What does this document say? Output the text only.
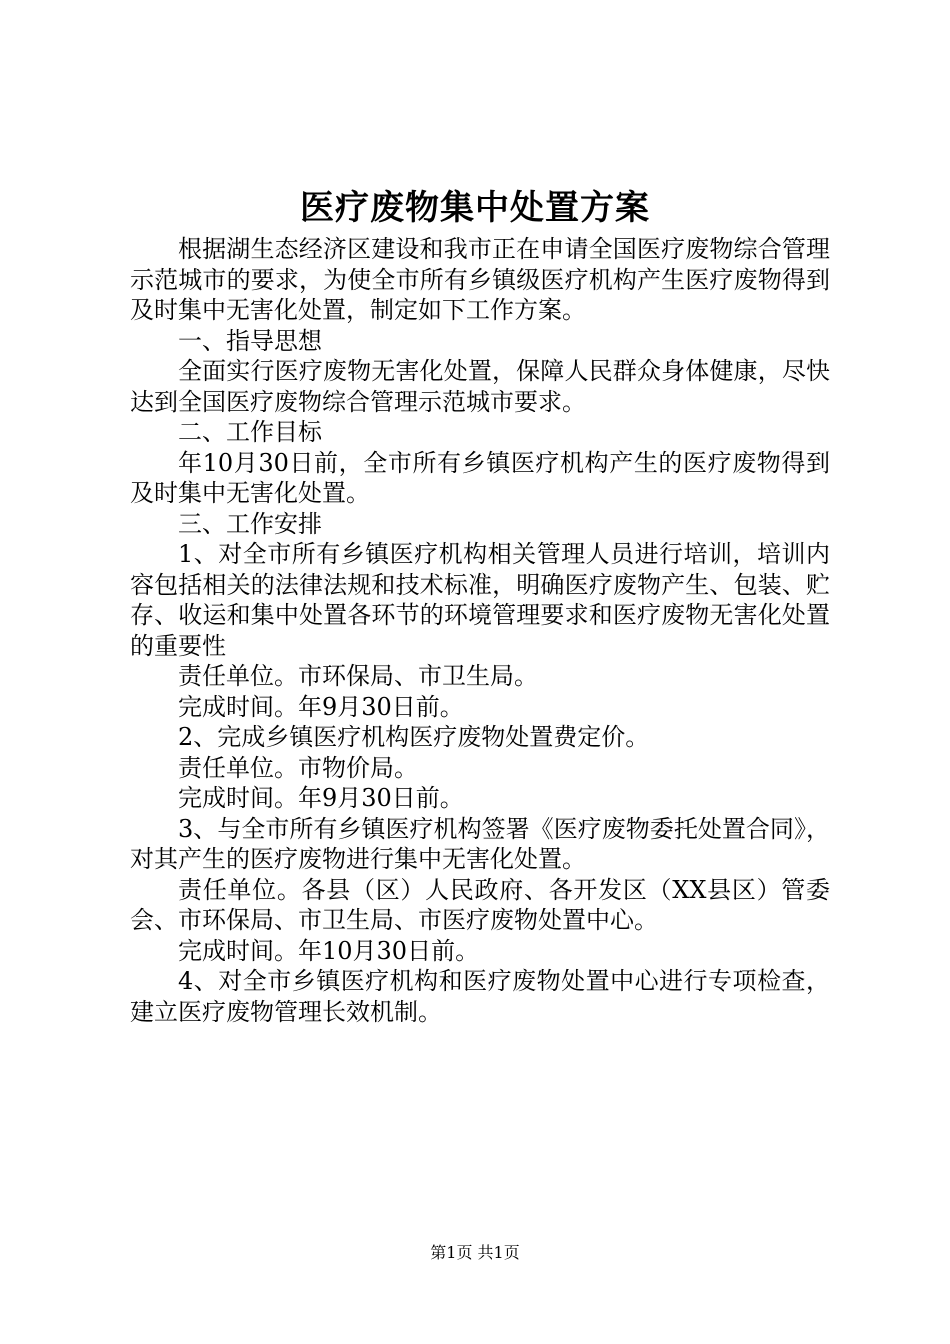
医疗废物集中处置方案

根据湖生态经济区建设和我市正在申请全国医疗废物综合管理示范城市的要求，为使全市所有乡镇级医疗机构产生医疗废物得到及时集中无害化处置，制定如下工作方案。

一、指导思想

全面实行医疗废物无害化处置，保障人民群众身体健康，尽快达到全国医疗废物综合管理示范城市要求。

二、工作目标

年10月30日前，全市所有乡镇医疗机构产生的医疗废物得到及时集中无害化处置。

三、工作安排

1、对全市所有乡镇医疗机构相关管理人员进行培训，培训内容包括相关的法律法规和技术标准，明确医疗废物产生、包装、贮存、收运和集中处置各环节的环境管理要求和医疗废物无害化处置的重要性

责任单位。市环保局、市卫生局。

完成时间。年9月30日前。

2、完成乡镇医疗机构医疗废物处置费定价。

责任单位。市物价局。

完成时间。年9月30日前。

3、与全市所有乡镇医疗机构签署《医疗废物委托处置合同》，对其产生的医疗废物进行集中无害化处置。

责任单位。各县（区）人民政府、各开发区（XX县区）管委会、市环保局、市卫生局、市医疗废物处置中心。

完成时间。年10月30日前。

4、对全市乡镇医疗机构和医疗废物处置中心进行专项检查，建立医疗废物管理长效机制。

第1页 共1页
